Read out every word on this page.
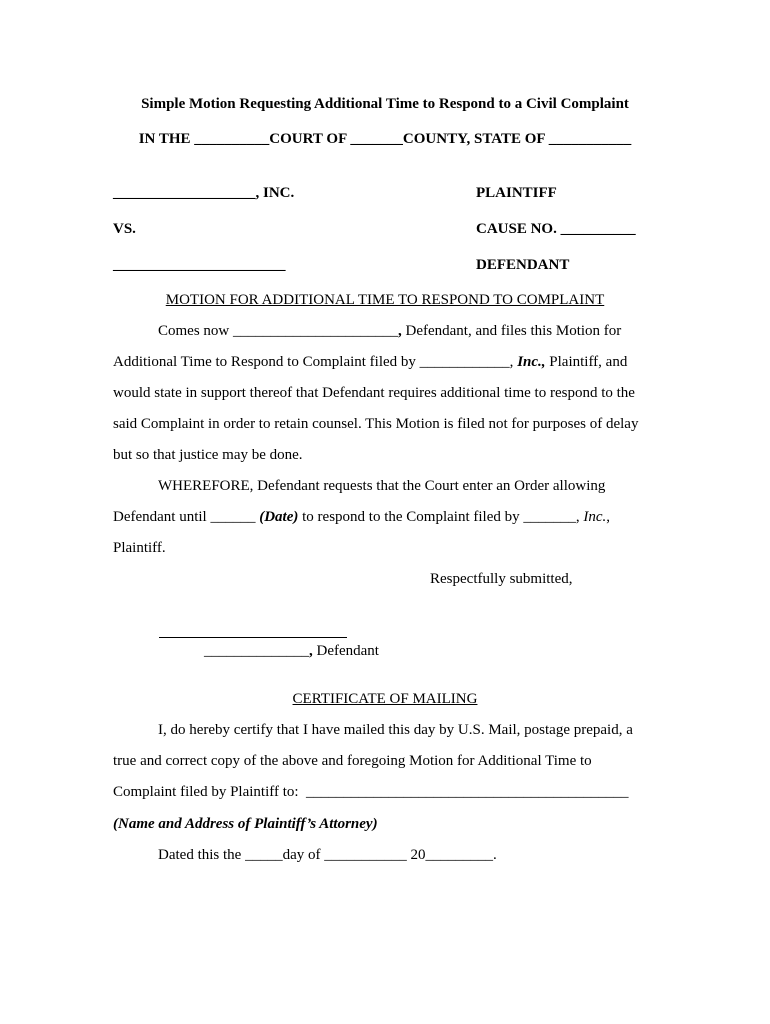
Simple Motion Requesting Additional Time to Respond to a Civil Complaint
IN THE __________COURT OF _______COUNTY, STATE OF ___________
___________________, INC.	PLAINTIFF
VS.	CAUSE NO. __________
_______________________	DEFENDANT
MOTION FOR ADDITIONAL TIME TO RESPOND TO COMPLAINT
Comes now ______________________, Defendant, and files this Motion for
Additional Time to Respond to Complaint filed by ____________, Inc., Plaintiff, and
would state in support thereof that Defendant requires additional time to respond to the
said Complaint in order to retain counsel. This Motion is filed not for purposes of delay
but so that justice may be done.
WHEREFORE, Defendant requests that the Court enter an Order allowing
Defendant until ______ (Date) to respond to the Complaint filed by _______, Inc.,
Plaintiff.
Respectfully submitted,
______________, Defendant
CERTIFICATE OF MAILING
I, do hereby certify that I have mailed this day by U.S. Mail, postage prepaid, a
true and correct copy of the above and foregoing Motion for Additional Time to
Complaint filed by Plaintiff to:  ___________________________________________
(Name and Address of Plaintiff’s Attorney)
Dated this the _____day of ___________ 20_________.
